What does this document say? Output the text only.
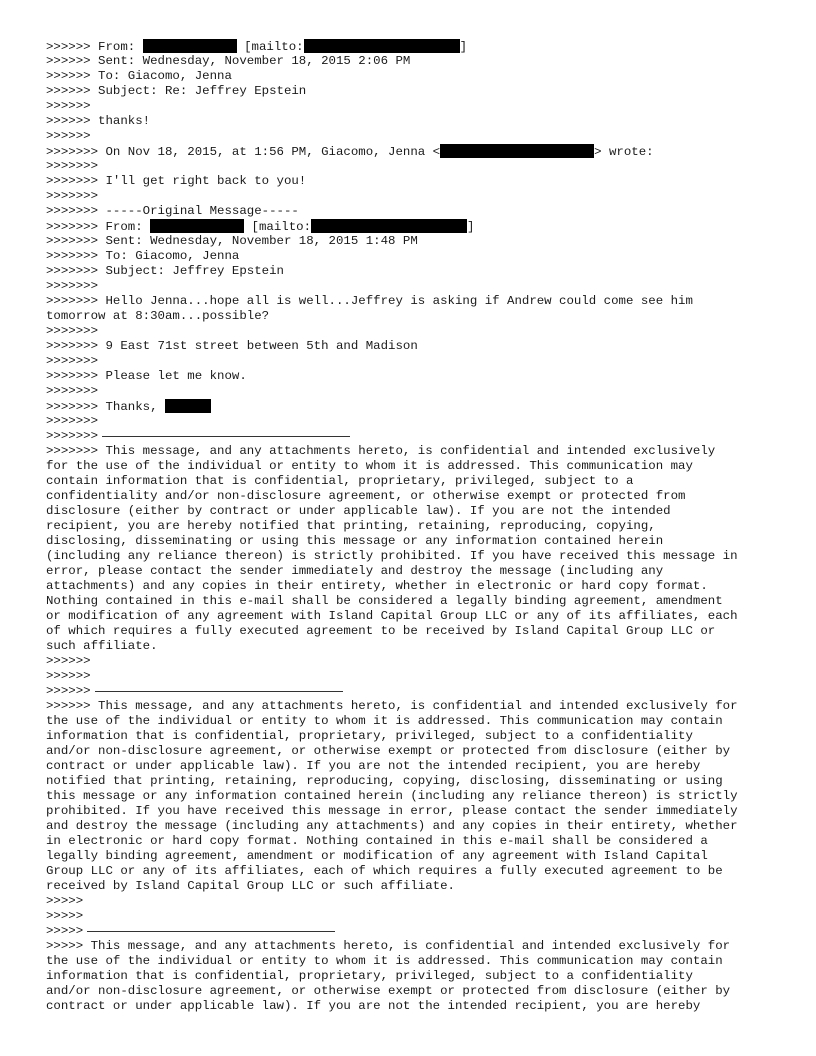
>>>>>> From:	[mailto:	]
>>>>>> Sent: Wednesday, November 18, 2015 2:06 PM
>>>>>> To: Giacomo, Jenna
>>>>>> Subject: Re: Jeffrey Epstein
>>>>>>
>>>>>> thanks!
>>>>>>
>>>>>>> On Nov 18, 2015, at 1:56 PM, Giacomo, Jenna <	> wrote:
>>>>>>>
>>>>>>> I'll get right back to you!
>>>>>>>
>>>>>>> -----Original Message-----
>>>>>>> From:	[mailto:	]
>>>>>>> Sent: Wednesday, November 18, 2015 1:48 PM
>>>>>>> To: Giacomo, Jenna
>>>>>>> Subject: Jeffrey Epstein
>>>>>>>
>>>>>>> Hello Jenna...hope all is well...Jeffrey is asking if Andrew could come see him
tomorrow at 8:30am...possible?
>>>>>>>
>>>>>>> 9 East 71st street between 5th and Madison
>>>>>>>
>>>>>>> Please let me know.
>>>>>>>
>>>>>>> Thanks,
>>>>>>>
>>>>>>>
>>>>>>> This message, and any attachments hereto, is confidential and intended exclusively
for the use of the individual or entity to whom it is addressed. This communication may
contain information that is confidential, proprietary, privileged, subject to a
confidentiality and/or non-disclosure agreement, or otherwise exempt or protected from
disclosure (either by contract or under applicable law). If you are not the intended
recipient, you are hereby notified that printing, retaining, reproducing, copying,
disclosing, disseminating or using this message or any information contained herein
(including any reliance thereon) is strictly prohibited. If you have received this message in
error, please contact the sender immediately and destroy the message (including any
attachments) and any copies in their entirety, whether in electronic or hard copy format.
Nothing contained in this e-mail shall be considered a legally binding agreement, amendment
or modification of any agreement with Island Capital Group LLC or any of its affiliates, each
of which requires a fully executed agreement to be received by Island Capital Group LLC or
such affiliate.
>>>>>>
>>>>>>
>>>>>>
>>>>>> This message, and any attachments hereto, is confidential and intended exclusively for
the use of the individual or entity to whom it is addressed. This communication may contain
information that is confidential, proprietary, privileged, subject to a confidentiality
and/or non-disclosure agreement, or otherwise exempt or protected from disclosure (either by
contract or under applicable law). If you are not the intended recipient, you are hereby
notified that printing, retaining, reproducing, copying, disclosing, disseminating or using
this message or any information contained herein (including any reliance thereon) is strictly
prohibited. If you have received this message in error, please contact the sender immediately
and destroy the message (including any attachments) and any copies in their entirety, whether
in electronic or hard copy format. Nothing contained in this e-mail shall be considered a
legally binding agreement, amendment or modification of any agreement with Island Capital
Group LLC or any of its affiliates, each of which requires a fully executed agreement to be
received by Island Capital Group LLC or such affiliate.
>>>>>
>>>>>
>>>>>
>>>>> This message, and any attachments hereto, is confidential and intended exclusively for
the use of the individual or entity to whom it is addressed. This communication may contain
information that is confidential, proprietary, privileged, subject to a confidentiality
and/or non-disclosure agreement, or otherwise exempt or protected from disclosure (either by
contract or under applicable law). If you are not the intended recipient, you are hereby
